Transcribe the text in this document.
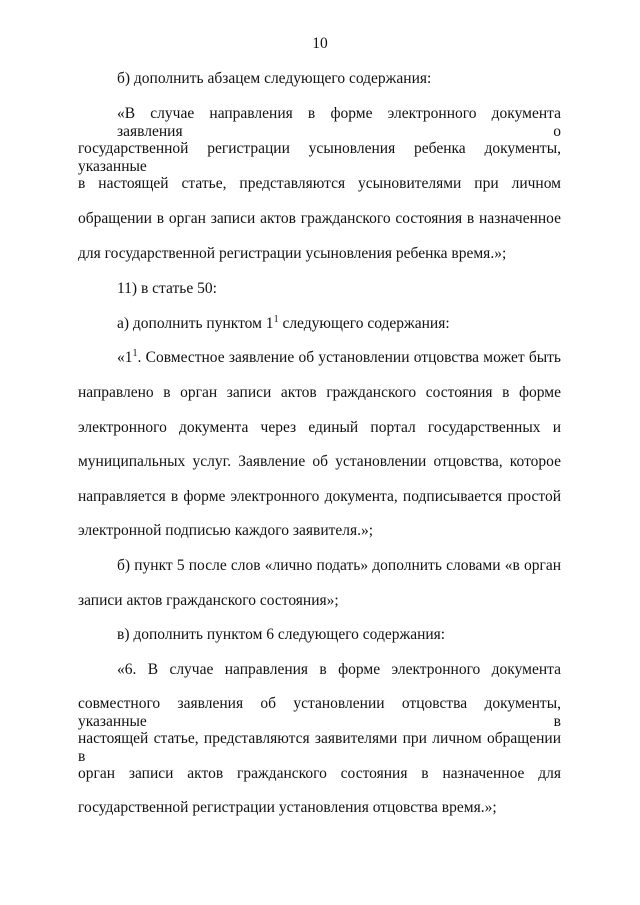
10
б) дополнить абзацем следующего содержания:
«В случае направления в форме электронного документа заявления о
государственной регистрации усыновления ребенка документы, указанные
в настоящей статье, представляются усыновителями при личном
обращении в орган записи актов гражданского состояния в назначенное
для государственной регистрации усыновления ребенка время.»;
11) в статье 50:
а) дополнить пунктом $1^1$ следующего содержания:
«$1^1$. Совместное заявление об установлении отцовства может быть
направлено в орган записи актов гражданского состояния в форме
электронного документа через единый портал государственных и
муниципальных услуг. Заявление об установлении отцовства, которое
направляется в форме электронного документа, подписывается простой
электронной подписью каждого заявителя.»;
б) пункт 5 после слов «лично подать» дополнить словами «в орган
записи актов гражданского состояния»;
в) дополнить пунктом 6 следующего содержания:
«6. В случае направления в форме электронного документа
совместного заявления об установлении отцовства документы, указанные в
настоящей статье, представляются заявителями при личном обращении в
орган записи актов гражданского состояния в назначенное для
государственной регистрации установления отцовства время.»;
